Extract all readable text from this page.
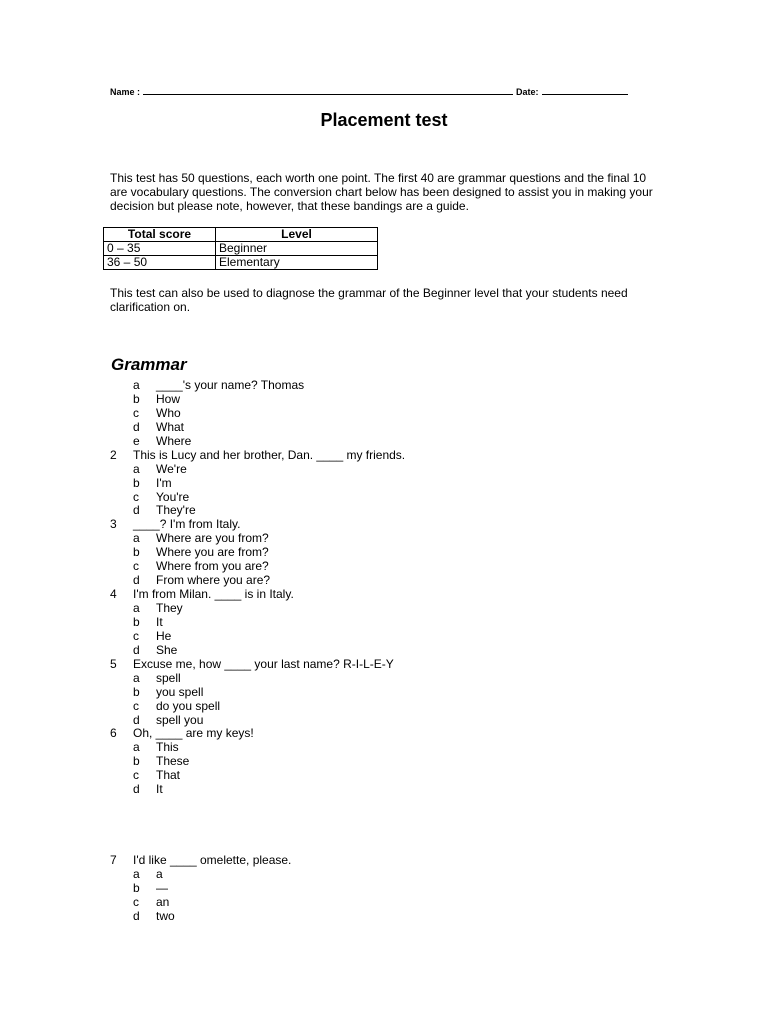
Name :	Date:
Placement test
This test has 50 questions, each worth one point. The first 40 are grammar questions and the final 10 are vocabulary questions. The conversion chart below has been designed to assist you in making your decision but please note, however, that these bandings are a guide.
Total score	Level
0 – 35	Beginner
36 – 50	Elementary
This test can also be used to diagnose the grammar of the Beginner level that your students need clarification on.
Grammar
a ____'s your name? Thomas
b How
c Who
d What
e Where
2 This is Lucy and her brother, Dan. ____ my friends.
a We're
b I'm
c You're
d They're
3 ____? I'm from Italy.
a Where are you from?
b Where you are from?
c Where from you are?
d From where you are?
4 I'm from Milan. ____ is in Italy.
a They
b It
c He
d She
5 Excuse me, how ____ your last name? R-I-L-E-Y
a spell
b you spell
c do you spell
d spell you
6 Oh, ____ are my keys!
a This
b These
c That
d It
7 I'd like ____ omelette, please.
a a
b —
c an
d two
